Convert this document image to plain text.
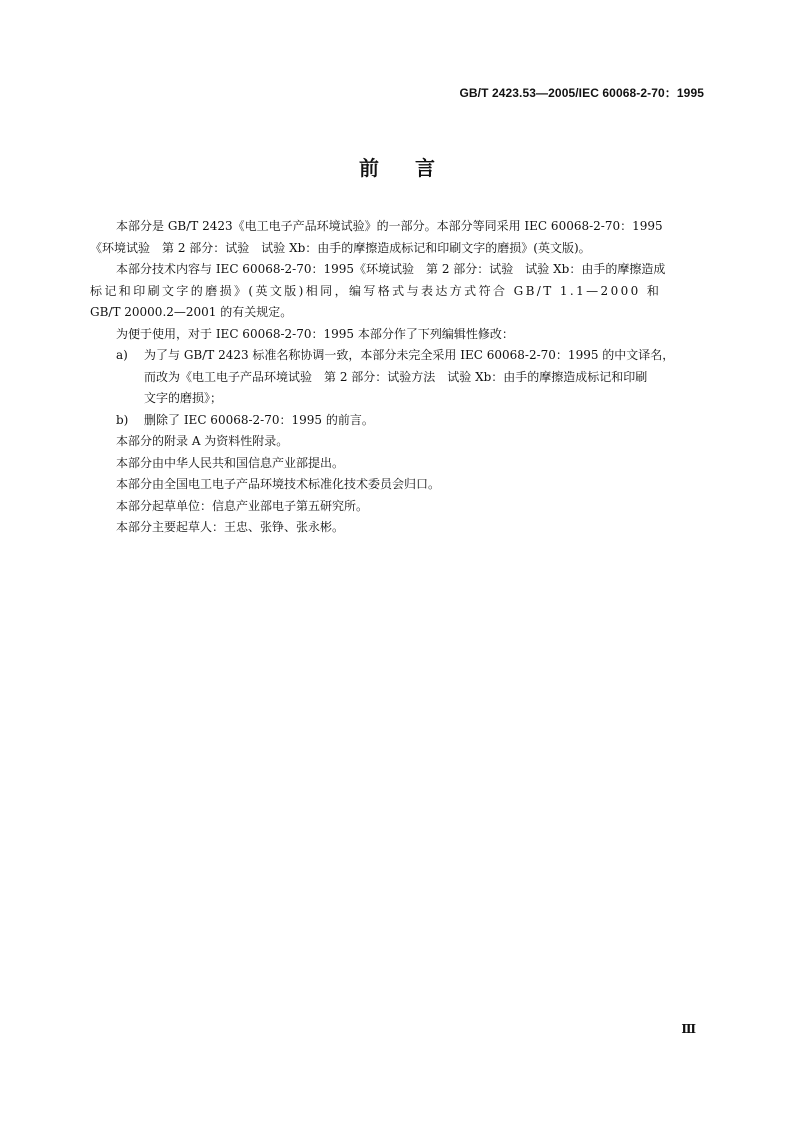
GB/T 2423.53—2005/IEC 60068-2-70：1995
前言

本部分是 GB/T 2423《电工电子产品环境试验》的一部分。本部分等同采用 IEC 60068-2-70：1995

《环境试验　第 2 部分：试验　试验 Xb：由手的摩擦造成标记和印刷文字的磨损》(英文版)。

本部分技术内容与 IEC 60068-2-70：1995《环境试验　第 2 部分：试验　试验 Xb：由手的摩擦造成

标记和印刷文字的磨损》(英文版)相同，编写格式与表达方式符合 GB/T 1.1—2000 和

GB/T 20000.2—2001 的有关规定。

为便于使用，对于 IEC 60068-2-70：1995 本部分作了下列编辑性修改：

a) 为了与 GB/T 2423 标准名称协调一致，本部分未完全采用 IEC 60068-2-70：1995 的中文译名，

而改为《电工电子产品环境试验　第 2 部分：试验方法　试验 Xb：由手的摩擦造成标记和印刷

文字的磨损》；

b) 删除了 IEC 60068-2-70：1995 的前言。

本部分的附录 A 为资料性附录。

本部分由中华人民共和国信息产业部提出。

本部分由全国电工电子产品环境技术标准化技术委员会归口。

本部分起草单位：信息产业部电子第五研究所。

本部分主要起草人：王忠、张铮、张永彬。

Ⅲ
